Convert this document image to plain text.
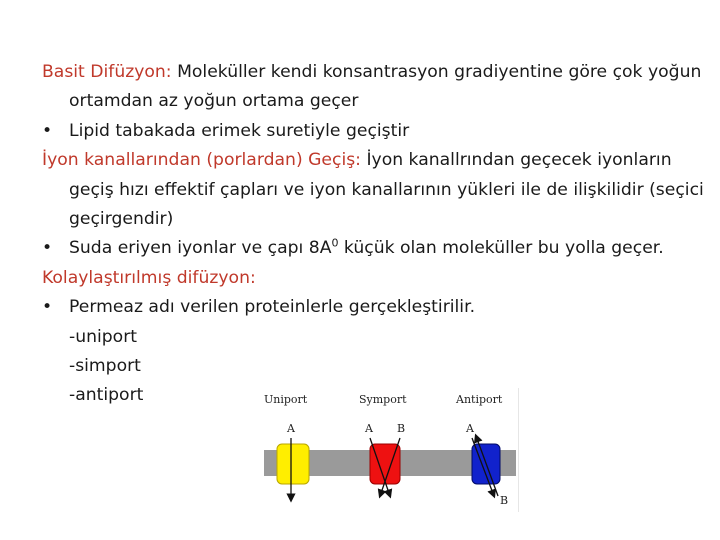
Basit Difüzyon: Moleküller kendi konsantrasyon gradiyentine göre çok yoğun ortamdan az yoğun ortama geçer

• Lipid tabakada erimek suretiyle geçiştir

İyon kanallarından (porlardan) Geçiş: İyon kanallrından geçecek iyonların geçiş hızı effektif çapları ve iyon kanallarının yükleri ile de ilişkilidir (seçici geçirgendir)

• Suda eriyen iyonlar ve çapı $8A^0$ küçük olan moleküller bu yolla geçer.

Kolaylaştırılmış difüzyon:

• Permeaz adı verilen proteinlerle gerçekleştirilir.

-uniport

-simport

-antiport	Uniport	Symport	Antiport
A	A B	A
B
